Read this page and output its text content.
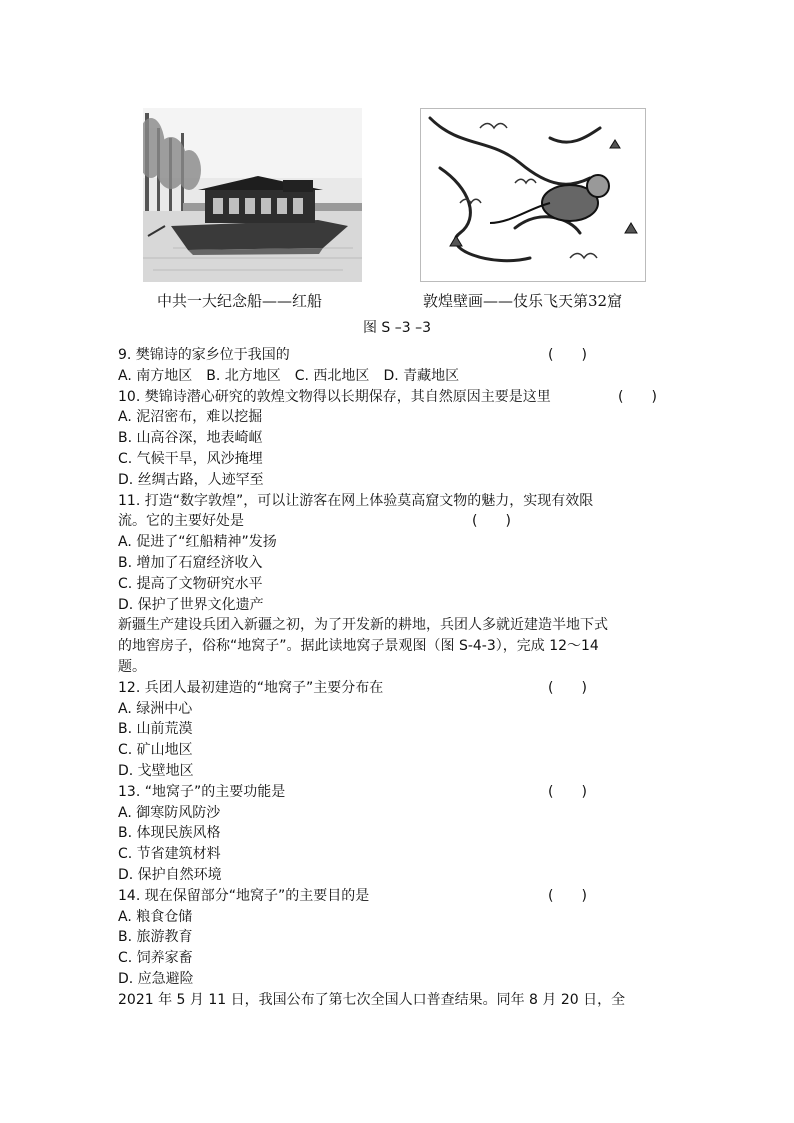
中共一大纪念船——红船	敦煌壁画——伎乐飞天第32窟
图 S –3 –3
9. 樊锦诗的家乡位于我国的	(　　)
A. 南方地区 B. 北方地区 C. 西北地区 D. 青藏地区
10. 樊锦诗潜心研究的敦煌文物得以长期保存，其自然原因主要是这里	(　　)
A. 泥沼密布，难以挖掘
B. 山高谷深，地表崎岖
C. 气候干旱，风沙掩埋
D. 丝绸古路，人迹罕至
11. 打造“数字敦煌”，可以让游客在网上体验莫高窟文物的魅力，实现有效限
流。它的主要好处是	(　　)
A. 促进了“红船精神”发扬
B. 增加了石窟经济收入
C. 提高了文物研究水平
D. 保护了世界文化遗产
新疆生产建设兵团入新疆之初，为了开发新的耕地，兵团人多就近建造半地下式
的地窖房子，俗称“地窝子”。据此读地窝子景观图（图 S-4-3），完成 12～14
题。
12. 兵团人最初建造的“地窝子”主要分布在	(　　)
A. 绿洲中心
B. 山前荒漠
C. 矿山地区
D. 戈壁地区
13. “地窝子”的主要功能是	(　　)
A. 御寒防风防沙
B. 体现民族风格
C. 节省建筑材料
D. 保护自然环境
14. 现在保留部分“地窝子”的主要目的是	(　　)
A. 粮食仓储
B. 旅游教育
C. 饲养家畜
D. 应急避险
2021 年 5 月 11 日，我国公布了第七次全国人口普查结果。同年 8 月 20 日，全
